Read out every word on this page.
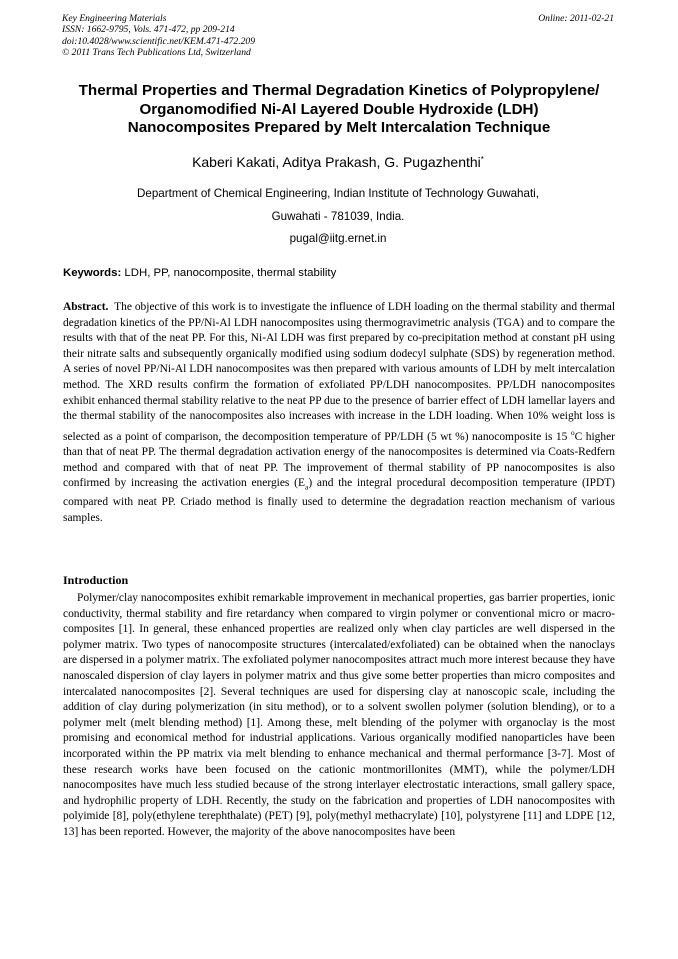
Key Engineering Materials
ISSN: 1662-9795, Vols. 471-472, pp 209-214
doi:10.4028/www.scientific.net/KEM.471-472.209
© 2011 Trans Tech Publications Ltd, Switzerland
Online: 2011-02-21
Thermal Properties and Thermal Degradation Kinetics of Polypropylene/
Organomodified Ni-Al Layered Double Hydroxide (LDH)
Nanocomposites Prepared by Melt Intercalation Technique
Kaberi Kakati, Aditya Prakash, G. Pugazhenthi*
Department of Chemical Engineering, Indian Institute of Technology Guwahati,
Guwahati - 781039, India.
pugal@iitg.ernet.in
Keywords: LDH, PP, nanocomposite, thermal stability
Abstract. The objective of this work is to investigate the influence of LDH loading on the thermal stability and thermal degradation kinetics of the PP/Ni-Al LDH nanocomposites using thermogravimetric analysis (TGA) and to compare the results with that of the neat PP. For this, Ni-Al LDH was first prepared by co-precipitation method at constant pH using their nitrate salts and subsequently organically modified using sodium dodecyl sulphate (SDS) by regeneration method. A series of novel PP/Ni-Al LDH nanocomposites was then prepared with various amounts of LDH by melt intercalation method. The XRD results confirm the formation of exfoliated PP/LDH nanocomposites. PP/LDH nanocomposites exhibit enhanced thermal stability relative to the neat PP due to the presence of barrier effect of LDH lamellar layers and the thermal stability of the nanocomposites also increases with increase in the LDH loading. When 10% weight loss is selected as a point of comparison, the decomposition temperature of PP/LDH (5 wt %) nanocomposite is 15 $^o$C higher than that of neat PP. The thermal degradation activation energy of the nanocomposites is determined via Coats-Redfern method and compared with that of neat PP. The improvement of thermal stability of PP nanocomposites is also confirmed by increasing the activation energies $(E_a)$ and the integral procedural decomposition temperature (IPDT) compared with neat PP. Criado method is finally used to determine the degradation reaction mechanism of various samples.
Introduction
Polymer/clay nanocomposites exhibit remarkable improvement in mechanical properties, gas barrier properties, ionic conductivity, thermal stability and fire retardancy when compared to virgin polymer or conventional micro or macro-composites [1]. In general, these enhanced properties are realized only when clay particles are well dispersed in the polymer matrix. Two types of nanocomposite structures (intercalated/exfoliated) can be obtained when the nanoclays are dispersed in a polymer matrix. The exfoliated polymer nanocomposites attract much more interest because they have nanoscaled dispersion of clay layers in polymer matrix and thus give some better properties than micro composites and intercalated nanocomposites [2]. Several techniques are used for dispersing clay at nanoscopic scale, including the addition of clay during polymerization (in situ method), or to a solvent swollen polymer (solution blending), or to a polymer melt (melt blending method) [1]. Among these, melt blending of the polymer with organoclay is the most promising and economical method for industrial applications. Various organically modified nanoparticles have been incorporated within the PP matrix via melt blending to enhance mechanical and thermal performance [3-7]. Most of these research works have been focused on the cationic montmorillonites (MMT), while the polymer/LDH nanocomposites have much less studied because of the strong interlayer electrostatic interactions, small gallery space, and hydrophilic property of LDH. Recently, the study on the fabrication and properties of LDH nanocomposites with polyimide [8], poly(ethylene terephthalate) (PET) [9], poly(methyl methacrylate) [10], polystyrene [11] and LDPE [12, 13] has been reported. However, the majority of the above nanocomposites have been
